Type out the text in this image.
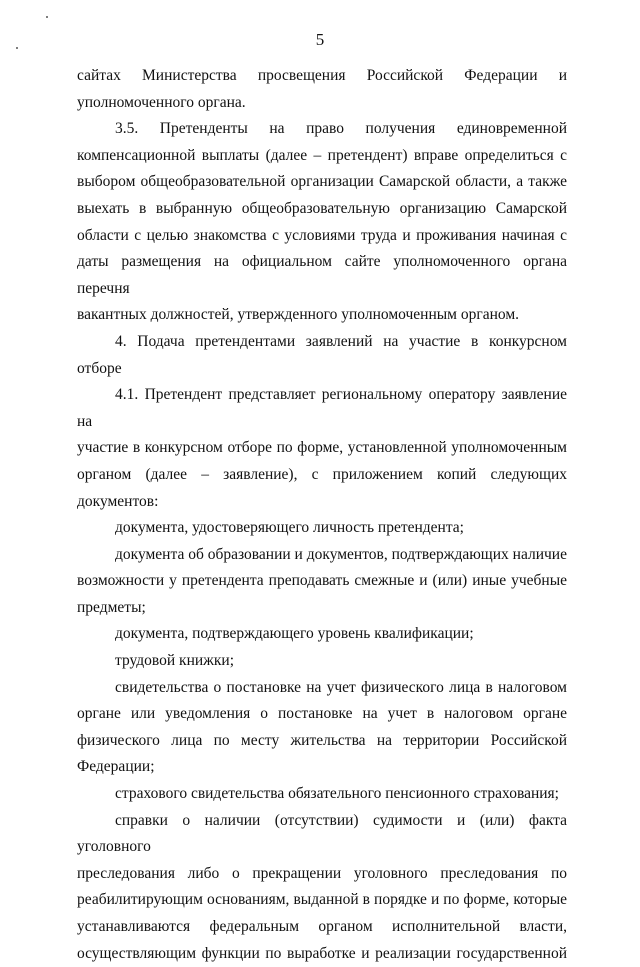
5
сайтах Министерства просвещения Российской Федерации и
уполномоченного органа.
3.5. Претенденты на право получения единовременной
компенсационной выплаты (далее – претендент) вправе определиться с
выбором общеобразовательной организации Самарской области, а также
выехать в выбранную общеобразовательную организацию Самарской
области с целью знакомства с условиями труда и проживания начиная с
даты размещения на официальном сайте уполномоченного органа перечня
вакантных должностей, утвержденного уполномоченным органом.
4. Подача претендентами заявлений на участие в конкурсном отборе
4.1. Претендент представляет региональному оператору заявление на
участие в конкурсном отборе по форме, установленной уполномоченным
органом (далее – заявление), с приложением копий следующих документов:
документа, удостоверяющего личность претендента;
документа об образовании и документов, подтверждающих наличие
возможности у претендента преподавать смежные и (или) иные учебные
предметы;
документа, подтверждающего уровень квалификации;
трудовой книжки;
свидетельства о постановке на учет физического лица в налоговом
органе или уведомления о постановке на учет в налоговом органе
физического лица по месту жительства на территории Российской
Федерации;
страхового свидетельства обязательного пенсионного страхования;
справки о наличии (отсутствии) судимости и (или) факта уголовного
преследования либо о прекращении уголовного преследования по
реабилитирующим основаниям, выданной в порядке и по форме, которые
устанавливаются федеральным органом исполнительной власти,
осуществляющим функции по выработке и реализации государственной
